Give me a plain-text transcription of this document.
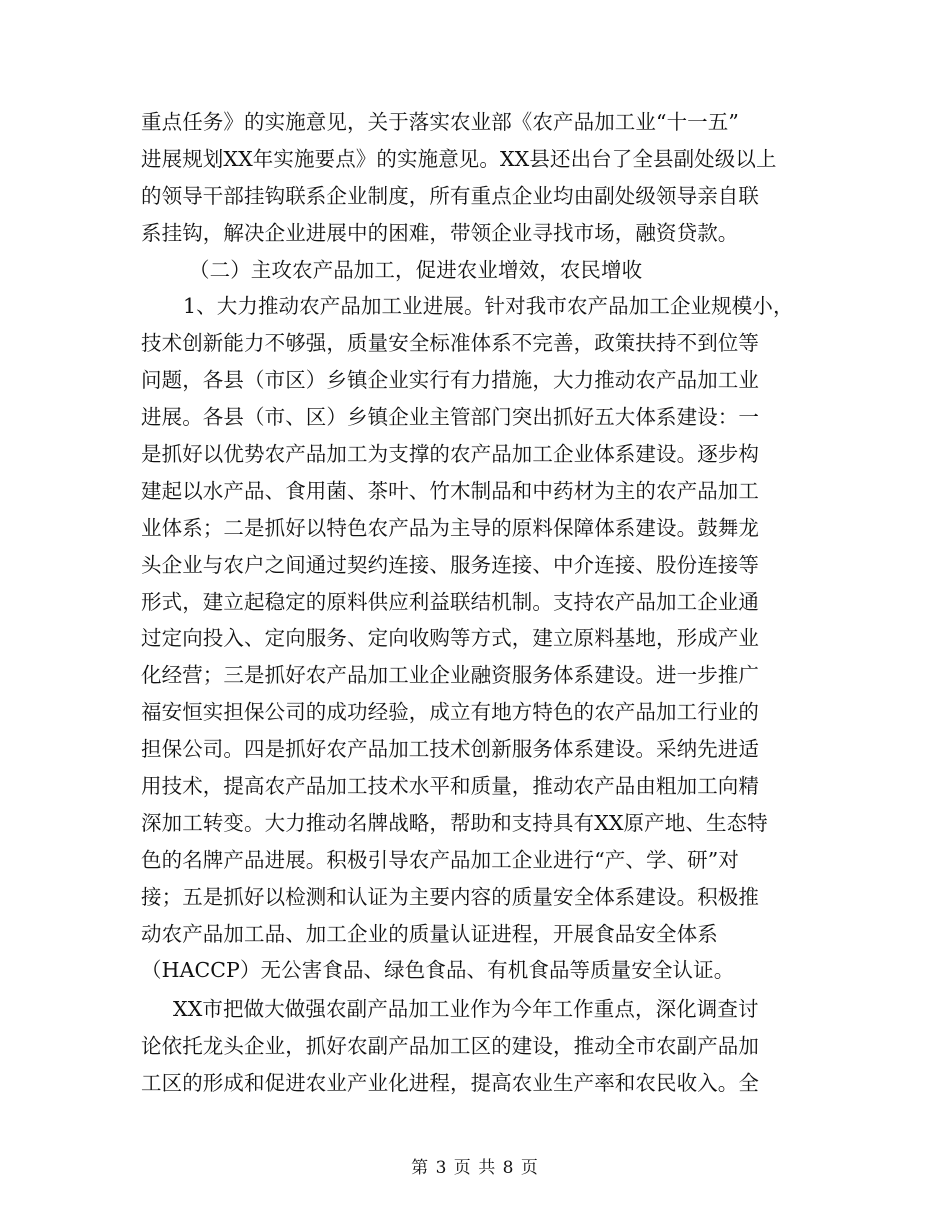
重点任务》的实施意见，关于落实农业部《农产品加工业“十一五”
进展规划XX年实施要点》的实施意见。XX县还出台了全县副处级以上
的领导干部挂钩联系企业制度，所有重点企业均由副处级领导亲自联
系挂钩，解决企业进展中的困难，带领企业寻找市场，融资贷款。
（二）主攻农产品加工，促进农业增效，农民增收
1、大力推动农产品加工业进展。针对我市农产品加工企业规模小，
技术创新能力不够强，质量安全标准体系不完善，政策扶持不到位等
问题，各县（市区）乡镇企业实行有力措施，大力推动农产品加工业
进展。各县（市、区）乡镇企业主管部门突出抓好五大体系建设：一
是抓好以优势农产品加工为支撑的农产品加工企业体系建设。逐步构
建起以水产品、食用菌、茶叶、竹木制品和中药材为主的农产品加工
业体系；二是抓好以特色农产品为主导的原料保障体系建设。鼓舞龙
头企业与农户之间通过契约连接、服务连接、中介连接、股份连接等
形式，建立起稳定的原料供应利益联结机制。支持农产品加工企业通
过定向投入、定向服务、定向收购等方式，建立原料基地，形成产业
化经营；三是抓好农产品加工业企业融资服务体系建设。进一步推广
福安恒实担保公司的成功经验，成立有地方特色的农产品加工行业的
担保公司。四是抓好农产品加工技术创新服务体系建设。采纳先进适
用技术，提高农产品加工技术水平和质量，推动农产品由粗加工向精
深加工转变。大力推动名牌战略，帮助和支持具有XX原产地、生态特
色的名牌产品进展。积极引导农产品加工企业进行“产、学、研”对
接；五是抓好以检测和认证为主要内容的质量安全体系建设。积极推
动农产品加工品、加工企业的质量认证进程，开展食品安全体系
（HACCP）无公害食品、绿色食品、有机食品等质量安全认证。
XX市把做大做强农副产品加工业作为今年工作重点，深化调查讨
论依托龙头企业，抓好农副产品加工区的建设，推动全市农副产品加
工区的形成和促进农业产业化进程，提高农业生产率和农民收入。全
第 3 页 共 8 页
